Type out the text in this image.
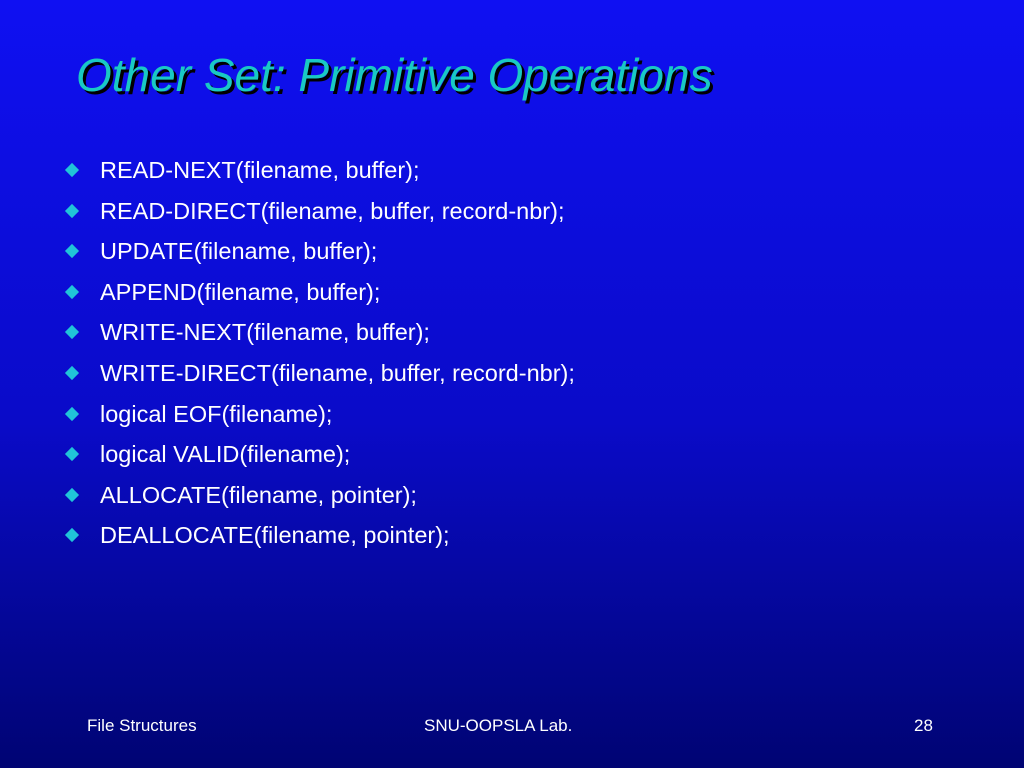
Other Set: Primitive Operations
READ-NEXT(filename, buffer);
READ-DIRECT(filename, buffer, record-nbr);
UPDATE(filename, buffer);
APPEND(filename, buffer);
WRITE-NEXT(filename, buffer);
WRITE-DIRECT(filename, buffer, record-nbr);
logical EOF(filename);
logical VALID(filename);
ALLOCATE(filename, pointer);
DEALLOCATE(filename, pointer);
File Structures	SNU-OOPSLA Lab.	28
